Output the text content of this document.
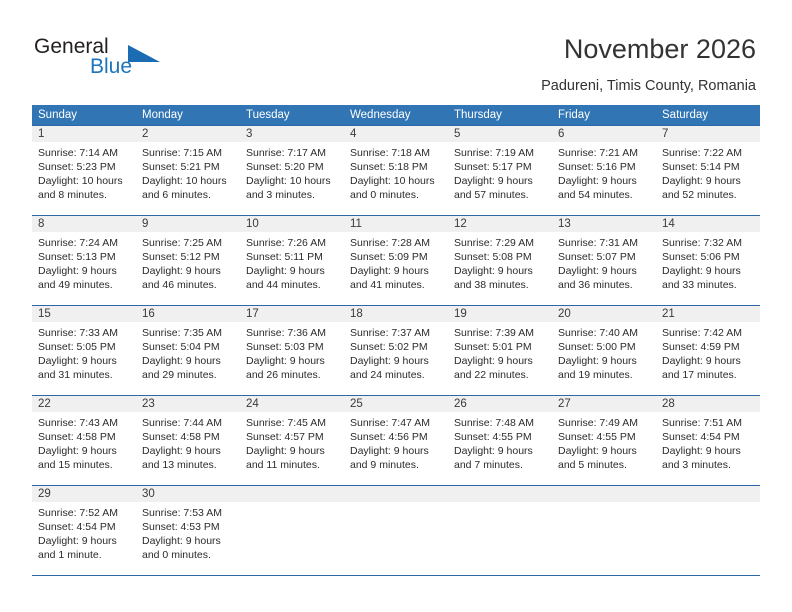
General
Blue
November 2026
Padureni, Timis County, Romania
Sunday	Monday	Tuesday	Wednesday	Thursday	Friday	Saturday
1	2	3	4	5	6	7
Sunrise: 7:14 AM
Sunset: 5:23 PM
Daylight: 10 hours and 8 minutes.
Sunrise: 7:15 AM
Sunset: 5:21 PM
Daylight: 10 hours and 6 minutes.
Sunrise: 7:17 AM
Sunset: 5:20 PM
Daylight: 10 hours and 3 minutes.
Sunrise: 7:18 AM
Sunset: 5:18 PM
Daylight: 10 hours and 0 minutes.
Sunrise: 7:19 AM
Sunset: 5:17 PM
Daylight: 9 hours and 57 minutes.
Sunrise: 7:21 AM
Sunset: 5:16 PM
Daylight: 9 hours and 54 minutes.
Sunrise: 7:22 AM
Sunset: 5:14 PM
Daylight: 9 hours and 52 minutes.
8	9	10	11	12	13	14
Sunrise: 7:24 AM
Sunset: 5:13 PM
Daylight: 9 hours and 49 minutes.
Sunrise: 7:25 AM
Sunset: 5:12 PM
Daylight: 9 hours and 46 minutes.
Sunrise: 7:26 AM
Sunset: 5:11 PM
Daylight: 9 hours and 44 minutes.
Sunrise: 7:28 AM
Sunset: 5:09 PM
Daylight: 9 hours and 41 minutes.
Sunrise: 7:29 AM
Sunset: 5:08 PM
Daylight: 9 hours and 38 minutes.
Sunrise: 7:31 AM
Sunset: 5:07 PM
Daylight: 9 hours and 36 minutes.
Sunrise: 7:32 AM
Sunset: 5:06 PM
Daylight: 9 hours and 33 minutes.
15	16	17	18	19	20	21
Sunrise: 7:33 AM
Sunset: 5:05 PM
Daylight: 9 hours and 31 minutes.
Sunrise: 7:35 AM
Sunset: 5:04 PM
Daylight: 9 hours and 29 minutes.
Sunrise: 7:36 AM
Sunset: 5:03 PM
Daylight: 9 hours and 26 minutes.
Sunrise: 7:37 AM
Sunset: 5:02 PM
Daylight: 9 hours and 24 minutes.
Sunrise: 7:39 AM
Sunset: 5:01 PM
Daylight: 9 hours and 22 minutes.
Sunrise: 7:40 AM
Sunset: 5:00 PM
Daylight: 9 hours and 19 minutes.
Sunrise: 7:42 AM
Sunset: 4:59 PM
Daylight: 9 hours and 17 minutes.
22	23	24	25	26	27	28
Sunrise: 7:43 AM
Sunset: 4:58 PM
Daylight: 9 hours and 15 minutes.
Sunrise: 7:44 AM
Sunset: 4:58 PM
Daylight: 9 hours and 13 minutes.
Sunrise: 7:45 AM
Sunset: 4:57 PM
Daylight: 9 hours and 11 minutes.
Sunrise: 7:47 AM
Sunset: 4:56 PM
Daylight: 9 hours and 9 minutes.
Sunrise: 7:48 AM
Sunset: 4:55 PM
Daylight: 9 hours and 7 minutes.
Sunrise: 7:49 AM
Sunset: 4:55 PM
Daylight: 9 hours and 5 minutes.
Sunrise: 7:51 AM
Sunset: 4:54 PM
Daylight: 9 hours and 3 minutes.
29	30
Sunrise: 7:52 AM
Sunset: 4:54 PM
Daylight: 9 hours and 1 minute.
Sunrise: 7:53 AM
Sunset: 4:53 PM
Daylight: 9 hours and 0 minutes.
